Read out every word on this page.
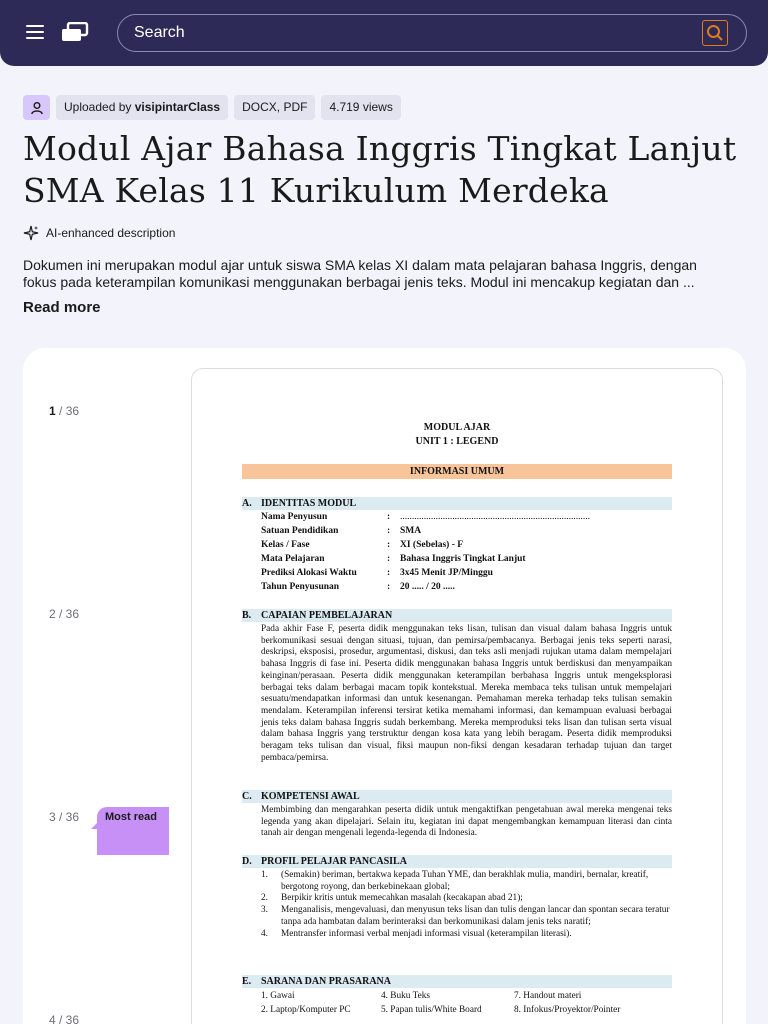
Search
Uploaded by visipintarClass	DOCX, PDF	4.719 views
Modul Ajar Bahasa Inggris Tingkat Lanjut SMA Kelas 11 Kurikulum Merdeka
AI-enhanced description

Dokumen ini merupakan modul ajar untuk siswa SMA kelas XI dalam mata pelajaran bahasa Inggris, dengan fokus pada keterampilan komunikasi menggunakan berbagai jenis teks. Modul ini mencakup kegiatan dan ...

Read more
1 / 36
2 / 36
3 / 36
4 / 36
Most read
MODUL AJAR
UNIT 1 : LEGEND
INFORMASI UMUM
A. IDENTITAS MODUL
Nama Penyusun	:	................................................................................
Satuan Pendidikan	:	SMA
Kelas / Fase	:	XI (Sebelas) - F
Mata Pelajaran	:	Bahasa Inggris Tingkat Lanjut
Prediksi Alokasi Waktu	:	3x45 Menit JP/Minggu
Tahun Penyusunan	:	20 ..... / 20 .....
B. CAPAIAN PEMBELAJARAN

Pada akhir Fase F, peserta didik menggunakan teks lisan, tulisan dan visual dalam bahasa Inggris untuk berkomunikasi sesuai dengan situasi, tujuan, dan pemirsa/pembacanya. Berbagai jenis teks seperti narasi, deskripsi, eksposisi, prosedur, argumentasi, diskusi, dan teks asli menjadi rujukan utama dalam mempelajari bahasa Inggris di fase ini. Peserta didik menggunakan bahasa Inggris untuk berdiskusi dan menyampaikan keinginan/perasaan. Peserta didik menggunakan keterampilan berbahasa Inggris untuk mengeksplorasi berbagai teks dalam berbagai macam topik kontekstual. Mereka membaca teks tulisan untuk mempelajari sesuatu/mendapatkan informasi dan untuk kesenangan. Pemahaman mereka terhadap teks tulisan semakin mendalam. Keterampilan inferensi tersirat ketika memahami informasi, dan kemampuan evaluasi berbagai jenis teks dalam bahasa Inggris sudah berkembang. Mereka memproduksi teks lisan dan tulisan serta visual dalam bahasa Inggris yang terstruktur dengan kosa kata yang lebih beragam. Peserta didik memproduksi beragam teks tulisan dan visual, fiksi maupun non-fiksi dengan kesadaran terhadap tujuan dan target pembaca/pemirsa.

C. KOMPETENSI AWAL

Membimbing dan mengarahkan peserta didik untuk mengaktifkan pengetahuan awal mereka mengenai teks legenda yang akan dipelajari. Selain itu, kegiatan ini dapat mengembangkan kemampuan literasi dan cinta tanah air dengan mengenali legenda-legenda di Indonesia.

D. PROFIL PELAJAR PANCASILA
1.	(Semakin) beriman, bertakwa kepada Tuhan YME, dan berakhlak mulia, mandiri, bernalar, kreatif, bergotong royong, dan berkebinekaan global;
2.	Berpikir kritis untuk memecahkan masalah (kecakapan abad 21);
3.	Menganalisis, mengevaluasi, dan menyusun teks lisan dan tulis dengan lancar dan spontan secara teratur tanpa ada hambatan dalam berinteraksi dan berkomunikasi dalam jenis teks naratif;
4.	Mentransfer informasi verbal menjadi informasi visual (keterampilan literasi).
E. SARANA DAN PRASARANA
1. Gawai	4. Buku Teks	7. Handout materi
2. Laptop/Komputer PC	5. Papan tulis/White Board	8. Infokus/Proyektor/Pointer
